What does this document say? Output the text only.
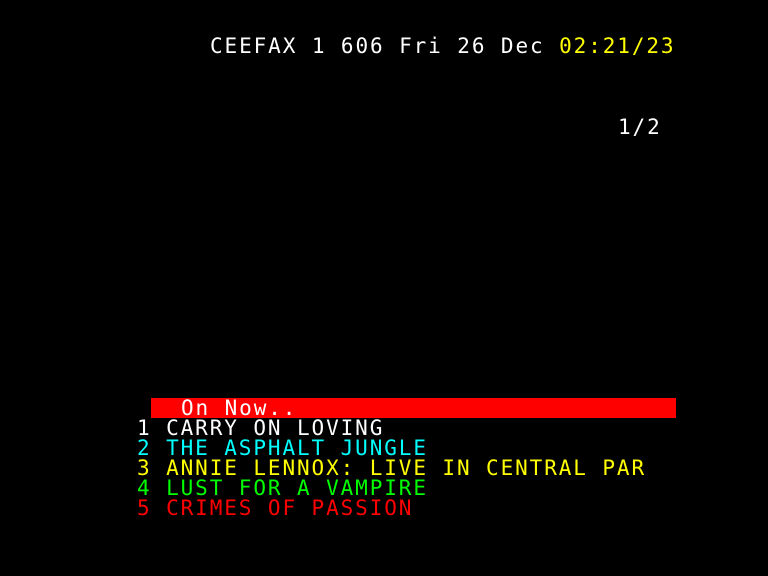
CEEFAX 1 606 Fri 26 Dec 02:21/23
1/2
On Now..
1 CARRY ON LOVING
2 THE ASPHALT JUNGLE
3 ANNIE LENNOX: LIVE IN CENTRAL PAR
4 LUST FOR A VAMPIRE
5 CRIMES OF PASSION
